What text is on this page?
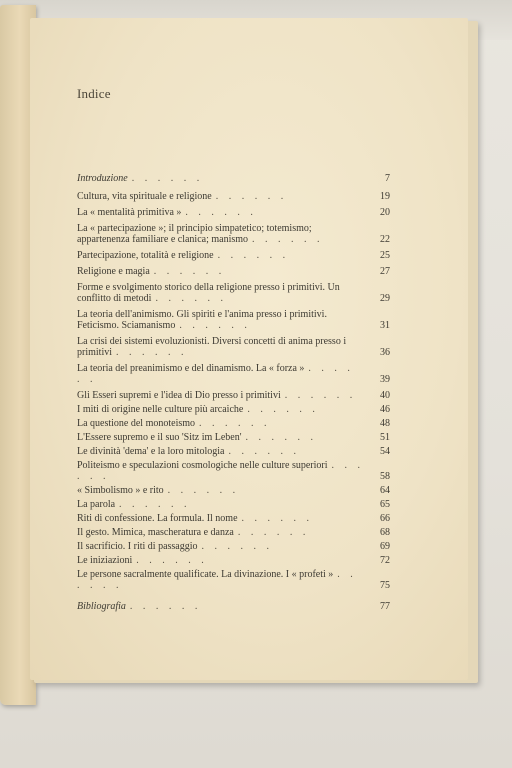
Indice
Introduzione . . . . . .	7
Cultura, vita spirituale e religione . . . . . .	19
La « mentalità primitiva » . . . . . .	20
La « partecipazione »; il principio simpatetico; totemismo; appartenenza familiare e clanica; manismo . . . . . .	22
Partecipazione, totalità e religione . . . . . .	25
Religione e magia . . . . . .	27
Forme e svolgimento storico della religione presso i primitivi. Un conflitto di metodi . . . . . .	29
La teoria dell'animismo. Gli spiriti e l'anima presso i primitivi. Feticismo. Sciamanismo . . . . . .	31
La crisi dei sistemi evoluzionisti. Diversi concetti di anima presso i primitivi . . . . . .	36
La teoria del preanimismo e del dinamismo. La « forza » . . . . . .	39
Gli Esseri supremi e l'idea di Dio presso i primitivi . . . . . . 40
I miti di origine nelle culture più arcaiche . . . . . .	46
La questione del monoteismo . . . . . .	48
L'Essere supremo e il suo 'Sitz im Leben' . . . . . .	51
Le divinità 'dema' e la loro mitologia . . . . . .	54
Politeismo e speculazioni cosmologiche nelle culture superiori . . . . . .	58
« Simbolismo » e rito . . . . . .	64
La parola . . . . . .	65
Riti di confessione. La formula. Il nome . . . . . .	66
Il gesto. Mimica, mascheratura e danza . . . . . .	68
Il sacrificio. I riti di passaggio . . . . . .	69
Le iniziazioni . . . . . .	72
Le persone sacralmente qualificate. La divinazione. I « profeti » . . . . . .	75
Bibliografia . . . . . .	77
